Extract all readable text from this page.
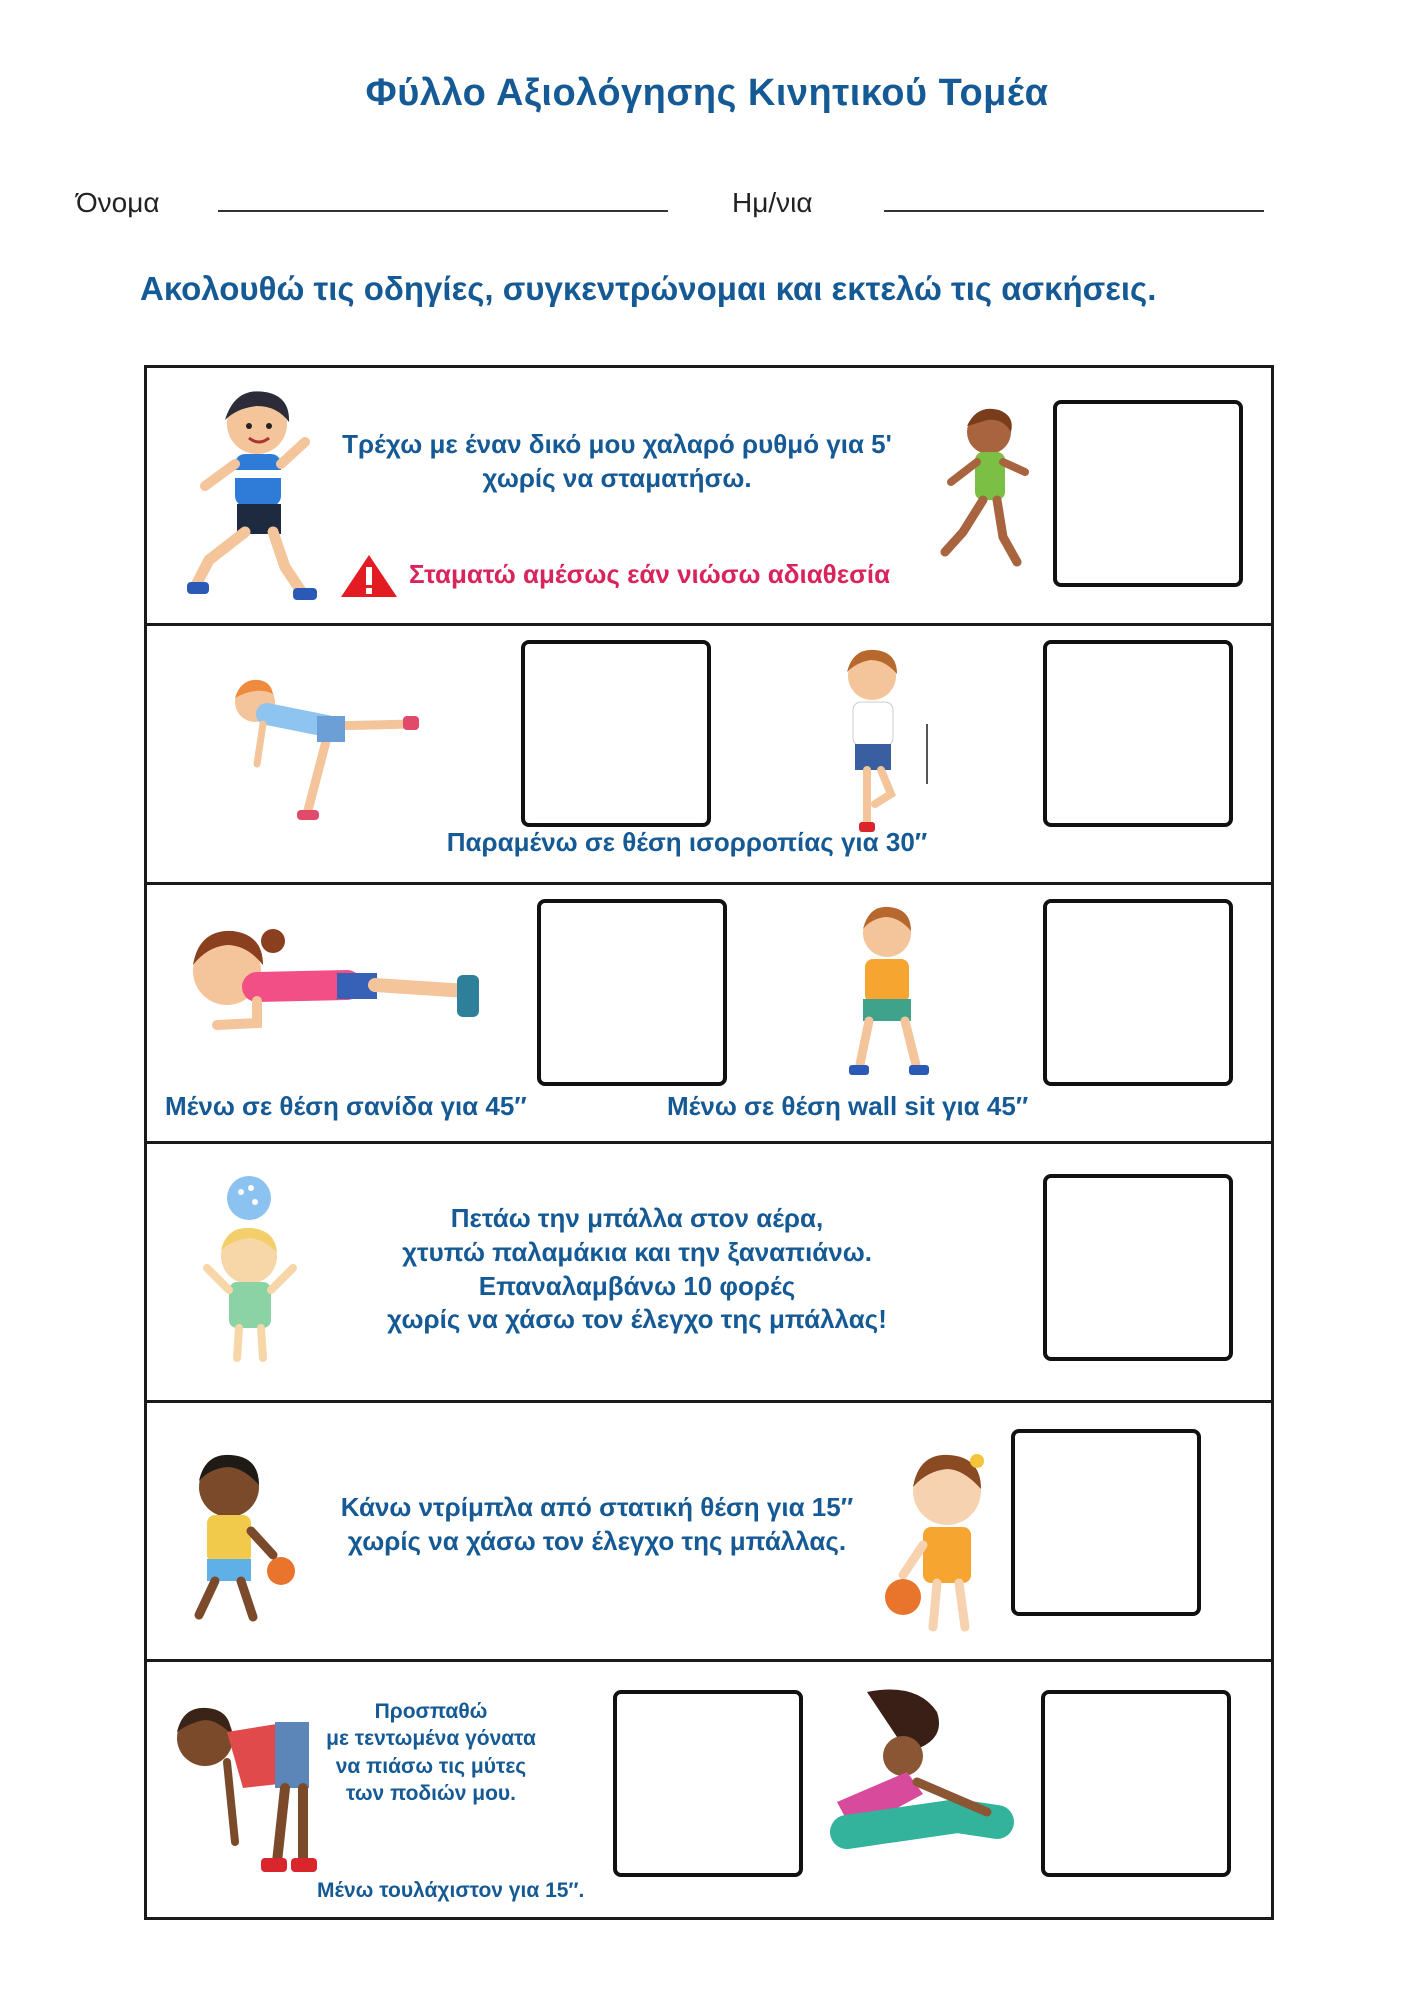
Φύλλο Αξιολόγησης Κινητικού Τομέα
Όνομα	Ημ/νια
Ακολουθώ τις οδηγίες, συγκεντρώνομαι και εκτελώ τις ασκήσεις.
Τρέχω με έναν δικό μου χαλαρό ρυθμό για 5'
χωρίς να σταματήσω.
Σταματώ αμέσως εάν νιώσω αδιαθεσία
Παραμένω σε θέση ισορροπίας για 30′′
Μένω σε θέση σανίδα για 45′′	Μένω σε θέση wall sit για 45′′
Πετάω την μπάλλα στον αέρα,
χτυπώ παλαμάκια και την ξαναπιάνω.
Επαναλαμβάνω 10 φορές
χωρίς να χάσω τον έλεγχο της μπάλλας!
Κάνω ντρίμπλα από στατική θέση για 15′′
χωρίς να χάσω τον έλεγχο της μπάλλας.
Προσπαθώ
με τεντωμένα γόνατα
να πιάσω τις μύτες
των ποδιών μου.
Μένω τουλάχιστον για 15′′.
